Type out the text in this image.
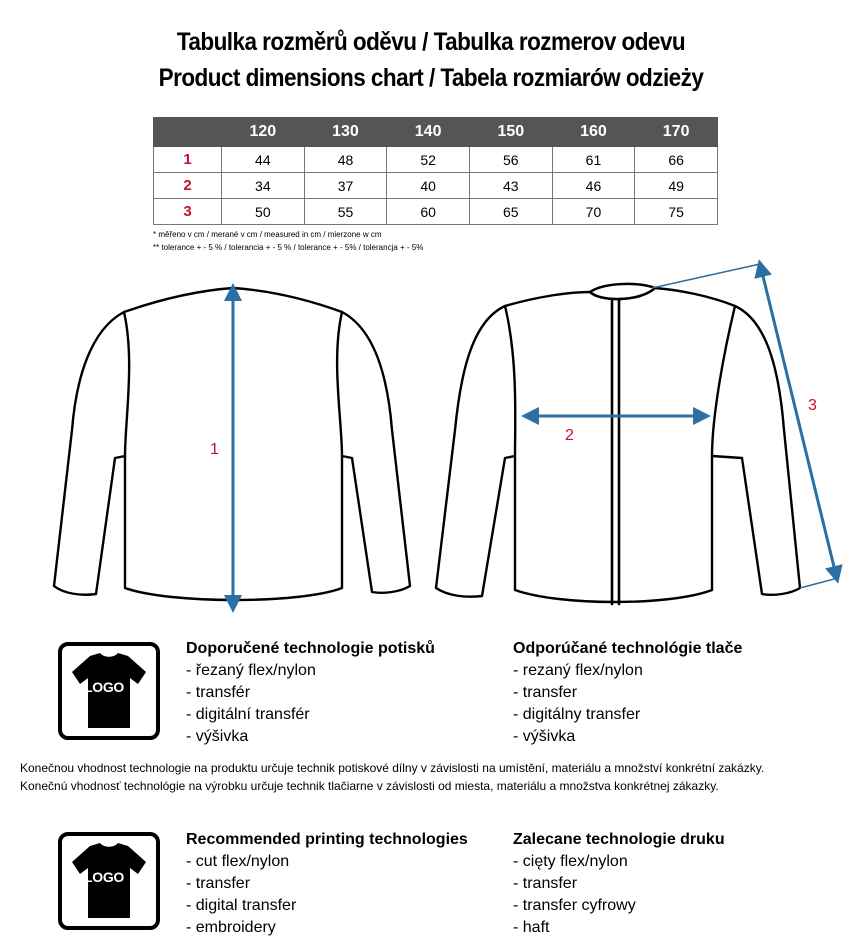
Tabulka rozměrů oděvu / Tabulka rozmerov odevu
Product dimensions chart / Tabela rozmiarów odzieży
	120	130	140	150	160	170
1	44	48	52	56	61	66
2	34	37	40	43	46	49
3	50	55	60	65	70	75
* měřeno v cm / merané v cm / measured in cm / mierzone w cm
** tolerance + - 5 % / tolerancia + - 5 % / tolerance + - 5% / tolerancja + - 5%
1
2
3
LOGO
LOGO
Doporučené technologie potisků
- řezaný flex/nylon
- transfér
- digitální transfér
- výšivka
Odporúčané technológie tlače
- rezaný flex/nylon
- transfer
- digitálny transfer
- výšivka
Konečnou vhodnost technologie na produktu určuje technik potiskové dílny v závislosti na umístění, materiálu a množství konkrétní zakázky.
Konečnú vhodnosť technológie na výrobku určuje technik tlačiarne v závislosti od miesta, materiálu a množstva konkrétnej zákazky.
Recommended printing technologies
- cut flex/nylon
- transfer
- digital transfer
- embroidery
Zalecane technologie druku
- cięty flex/nylon
- transfer
- transfer cyfrowy
- haft
